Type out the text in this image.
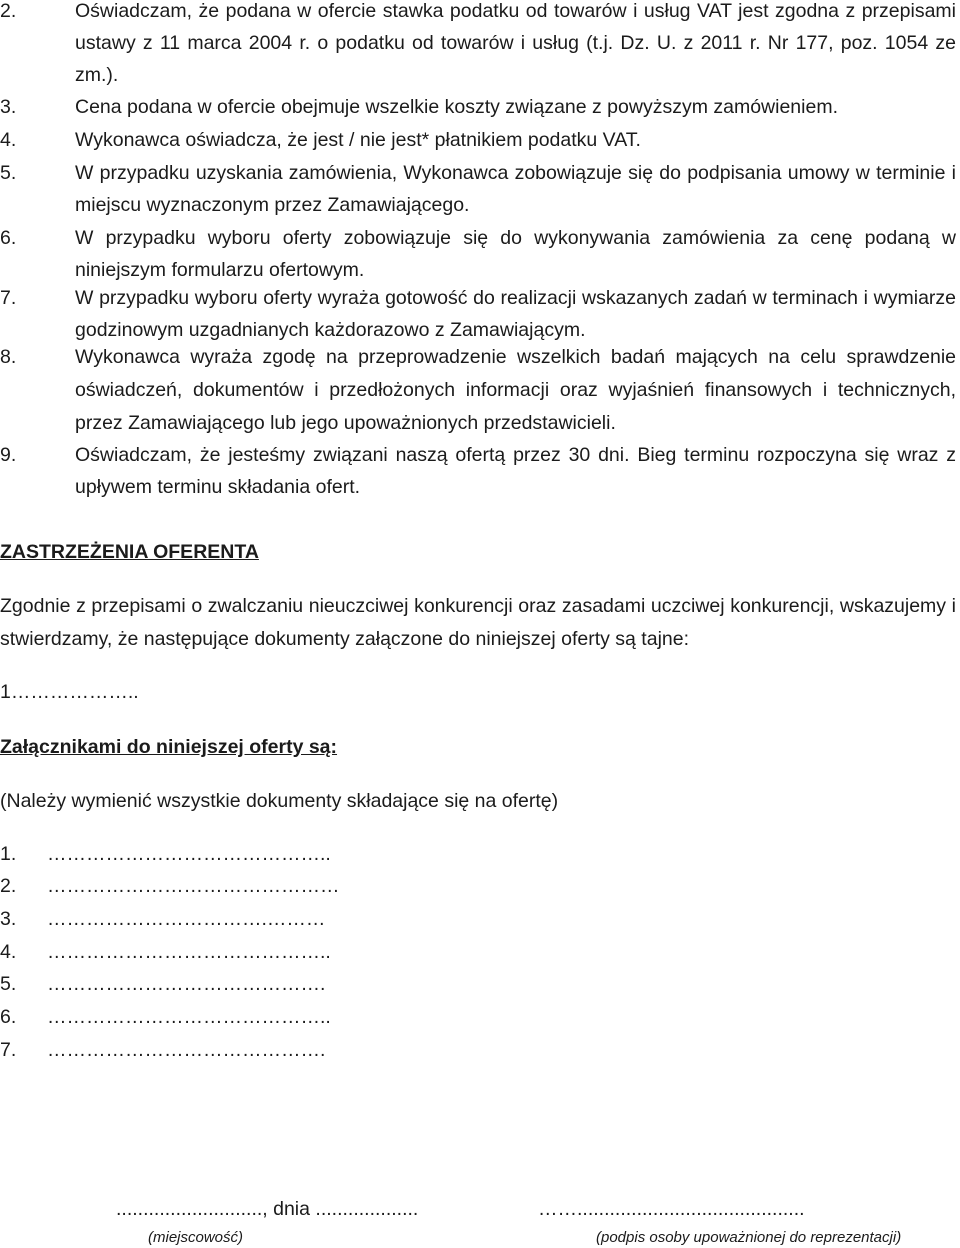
2.	Oświadczam, że podana w ofercie stawka podatku od towarów i usług VAT jest zgodna z przepisami ustawy z 11 marca 2004 r. o podatku od towarów i usług (t.j. Dz. U. z 2011 r. Nr 177, poz. 1054 ze zm.).
3.	Cena podana w ofercie obejmuje wszelkie koszty związane z powyższym zamówieniem.
4.	Wykonawca oświadcza, że jest / nie jest* płatnikiem podatku VAT.
5.	W przypadku uzyskania zamówienia, Wykonawca zobowiązuje się do podpisania umowy w terminie i miejscu wyznaczonym przez Zamawiającego.
6.	W przypadku wyboru oferty zobowiązuje się do wykonywania zamówienia za cenę podaną w niniejszym formularzu ofertowym.
7.	W przypadku wyboru oferty wyraża gotowość do realizacji wskazanych zadań w terminach i wymiarze godzinowym uzgadnianych każdorazowo z Zamawiającym.
8.	Wykonawca wyraża zgodę na przeprowadzenie wszelkich badań mających na celu sprawdzenie oświadczeń, dokumentów i przedłożonych informacji oraz wyjaśnień finansowych i technicznych, przez Zamawiającego lub jego upoważnionych przedstawicieli.
9.	Oświadczam, że jesteśmy związani naszą ofertą przez 30 dni. Bieg terminu rozpoczyna się wraz z upływem terminu składania ofert.
ZASTRZEŻENIA OFERENTA
Zgodnie z przepisami o zwalczaniu nieuczciwej konkurencji oraz zasadami uczciwej konkurencji, wskazujemy i stwierdzamy, że następujące dokumenty załączone do niniejszej oferty są tajne:
1………………..
Załącznikami do niniejszej oferty są:
(Należy wymienić wszystkie dokumenty składające się na ofertę)
1. ……………………………………..
2. ………………………………………
3. …………………………….………
4. ……………………………………..
5. …………………………………….
6. ……………………………………..
7. …………………………………….
..........................., dnia ...................	……..........................................
(miejscowość)	(podpis osoby upoważnionej do reprezentacji)
